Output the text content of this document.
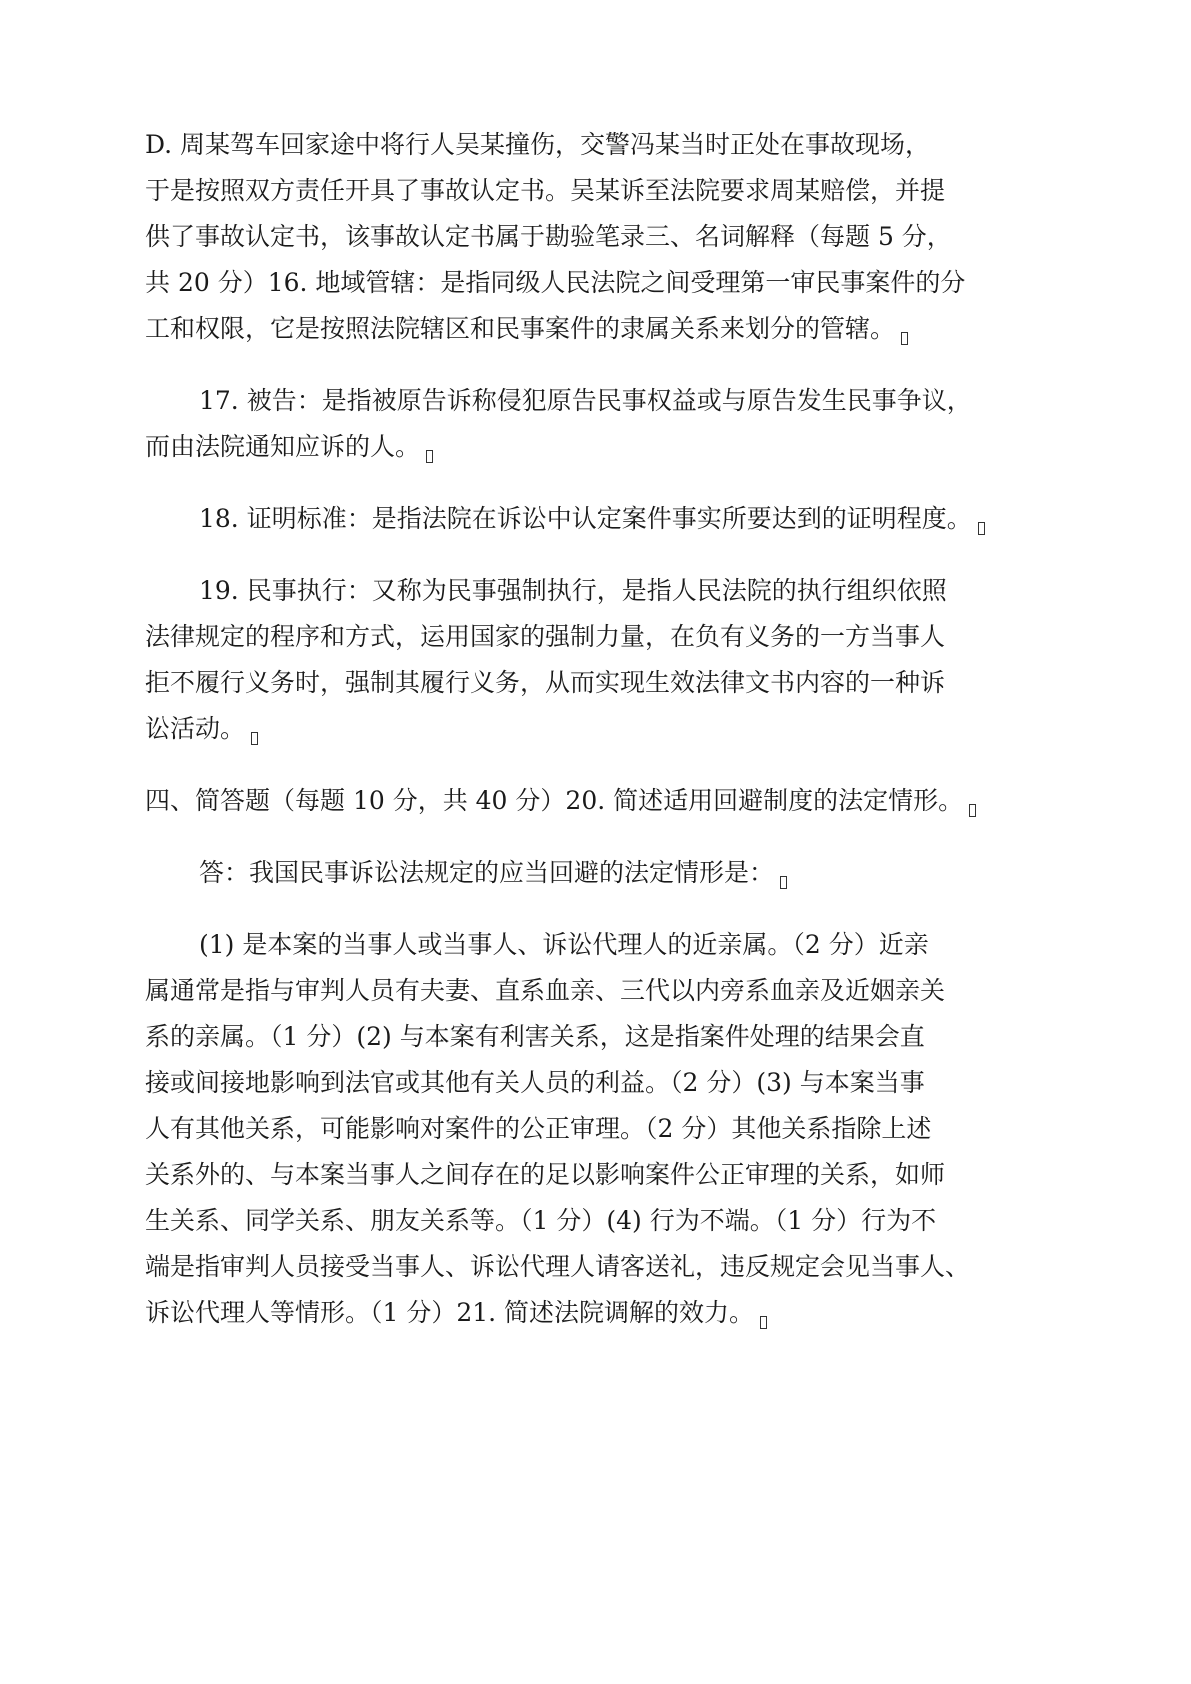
D. 周某驾车回家途中将行人吴某撞伤，交警冯某当时正处在事故现场，
于是按照双方责任开具了事故认定书。吴某诉至法院要求周某赔偿，并提
供了事故认定书，该事故认定书属于勘验笔录三、名词解释（每题 5 分，
共 20 分）16. 地域管辖：是指同级人民法院之间受理第一审民事案件的分
工和权限，它是按照法院辖区和民事案件的隶属关系来划分的管辖。
17. 被告：是指被原告诉称侵犯原告民事权益或与原告发生民事争议，
而由法院通知应诉的人。
18. 证明标准：是指法院在诉讼中认定案件事实所要达到的证明程度。
19. 民事执行：又称为民事强制执行，是指人民法院的执行组织依照
法律规定的程序和方式，运用国家的强制力量，在负有义务的一方当事人
拒不履行义务时，强制其履行义务，从而实现生效法律文书内容的一种诉
讼活动。
四、简答题（每题 10 分，共 40 分）20. 简述适用回避制度的法定情形。
答：我国民事诉讼法规定的应当回避的法定情形是：
(1) 是本案的当事人或当事人、诉讼代理人的近亲属。（2 分）近亲
属通常是指与审判人员有夫妻、直系血亲、三代以内旁系血亲及近姻亲关
系的亲属。（1 分）(2) 与本案有利害关系，这是指案件处理的结果会直
接或间接地影响到法官或其他有关人员的利益。（2 分）(3) 与本案当事
人有其他关系，可能影响对案件的公正审理。（2 分）其他关系指除上述
关系外的、与本案当事人之间存在的足以影响案件公正审理的关系，如师
生关系、同学关系、朋友关系等。（1 分）(4) 行为不端。（1 分）行为不
端是指审判人员接受当事人、诉讼代理人请客送礼，违反规定会见当事人、
诉讼代理人等情形。（1 分）21. 简述法院调解的效力。
